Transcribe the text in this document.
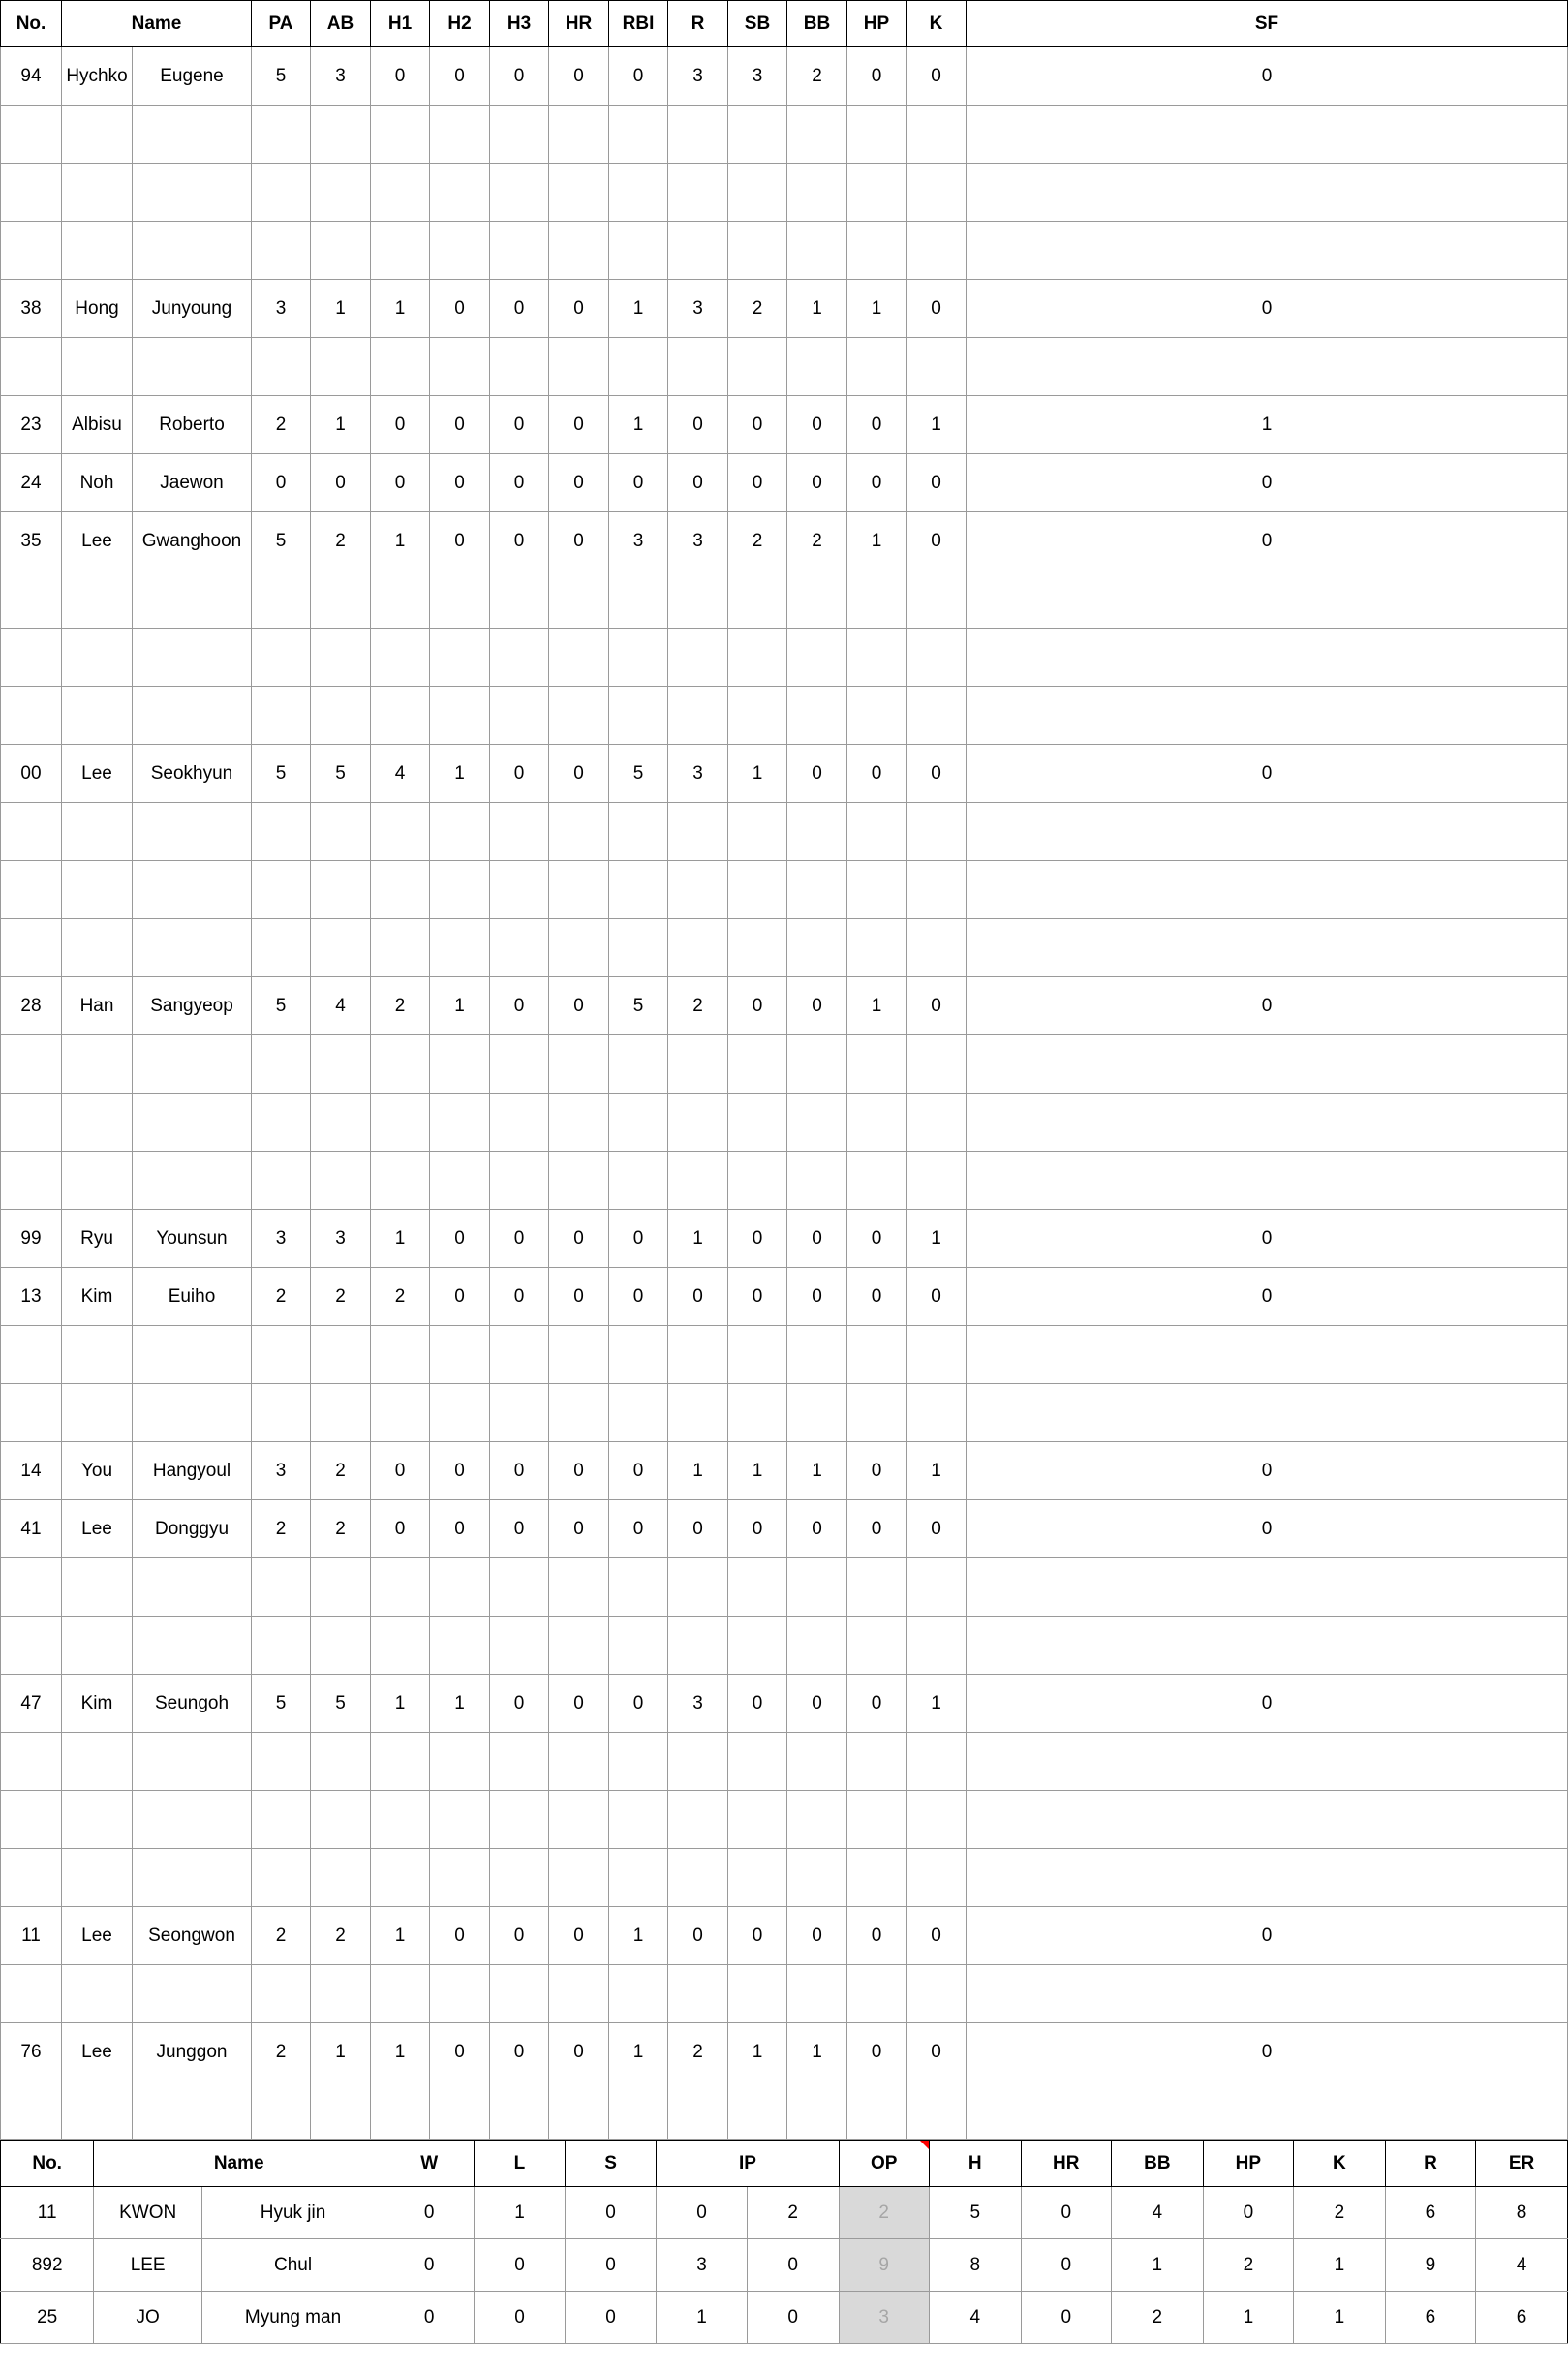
No.	Name		PA	AB	H1	H2	H3	HR	RBI	R	SB	BB	HP	K	SF
94	Hychko	Eugene	5	3	0	0	0	0	0	3	3	2	0	0	0

38	Hong	Junyoung	3	1	1	0	0	0	1	3	2	1	1	0	0

23	Albisu	Roberto	2	1	0	0	0	0	1	0	0	0	0	1	1
24	Noh	Jaewon	0	0	0	0	0	0	0	0	0	0	0	0	0
35	Lee	Gwanghoon	5	2	1	0	0	0	3	3	2	2	1	0	0

00	Lee	Seokhyun	5	5	4	1	0	0	5	3	1	0	0	0	0

28	Han	Sangyeop	5	4	2	1	0	0	5	2	0	0	1	0	0

99	Ryu	Younsun	3	3	1	0	0	0	0	1	0	0	0	1	0
13	Kim	Euiho	2	2	2	0	0	0	0	0	0	0	0	0	0

14	You	Hangyoul	3	2	0	0	0	0	0	1	1	1	0	1	0
41	Lee	Donggyu	2	2	0	0	0	0	0	0	0	0	0	0	0

47	Kim	Seungoh	5	5	1	1	0	0	0	3	0	0	0	1	0

11	Lee	Seongwon	2	2	1	0	0	0	1	0	0	0	0	0	0

76	Lee	Junggon	2	1	1	0	0	0	1	2	1	1	0	0	0

No.	Name		W	L	S	IP		OP	H	HR	BB	HP	K	R	ER
11	KWON	Hyuk jin	0	1	0	0	2	2	5	0	4	0	2	6	8
892	LEE	Chul	0	0	0	3	0	9	8	0	1	2	1	9	4
25	JO	Myung man	0	0	0	1	0	3	4	0	2	1	1	6	6
